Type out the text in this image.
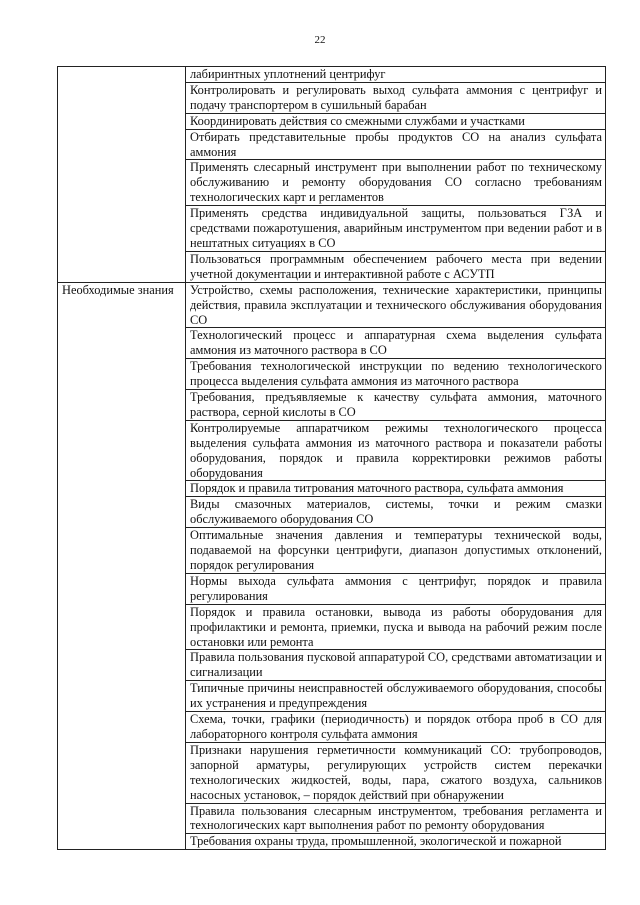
22
	лабиринтных уплотнений центрифуг
	Контролировать и регулировать выход сульфата аммония с центрифуг и подачу транспортером в сушильный барабан
	Координировать действия со смежными службами и участками
	Отбирать представительные пробы продуктов СО на анализ сульфата аммония
	Применять слесарный инструмент при выполнении работ по техническому обслуживанию и ремонту оборудования СО согласно требованиям технологических карт и регламентов
	Применять средства индивидуальной защиты, пользоваться ГЗА и средствами пожаротушения, аварийным инструментом при ведении работ и в нештатных ситуациях в СО
	Пользоваться программным обеспечением рабочего места при ведении учетной документации и интерактивной работе с АСУТП
Необходимые знания	Устройство, схемы расположения, технические характеристики, принципы действия, правила эксплуатации и технического обслуживания оборудования СО
	Технологический процесс и аппаратурная схема выделения сульфата аммония из маточного раствора в СО
	Требования технологической инструкции по ведению технологического процесса выделения сульфата аммония из маточного раствора
	Требования, предъявляемые к качеству сульфата аммония, маточного раствора, серной кислоты в СО
	Контролируемые аппаратчиком режимы технологического процесса выделения сульфата аммония из маточного раствора и показатели работы оборудования, порядок и правила корректировки режимов работы оборудования
	Порядок и правила титрования маточного раствора, сульфата аммония
	Виды смазочных материалов, системы, точки и режим смазки обслуживаемого оборудования СО
	Оптимальные значения давления и температуры технической воды, подаваемой на форсунки центрифуги, диапазон допустимых отклонений, порядок регулирования
	Нормы выхода сульфата аммония с центрифуг, порядок и правила регулирования
	Порядок и правила остановки, вывода из работы оборудования для профилактики и ремонта, приемки, пуска и вывода на рабочий режим после остановки или ремонта
	Правила пользования пусковой аппаратурой СО, средствами автоматизации и сигнализации
	Типичные причины неисправностей обслуживаемого оборудования, способы их устранения и предупреждения
	Схема, точки, графики (периодичность) и порядок отбора проб в СО для лабораторного контроля сульфата аммония
	Признаки нарушения герметичности коммуникаций СО: трубопроводов, запорной арматуры, регулирующих устройств систем перекачки технологических жидкостей, воды, пара, сжатого воздуха, сальников насосных установок, – порядок действий при обнаружении
	Правила пользования слесарным инструментом, требования регламента и технологических карт выполнения работ по ремонту оборудования
	Требования охраны труда, промышленной, экологической и пожарной
